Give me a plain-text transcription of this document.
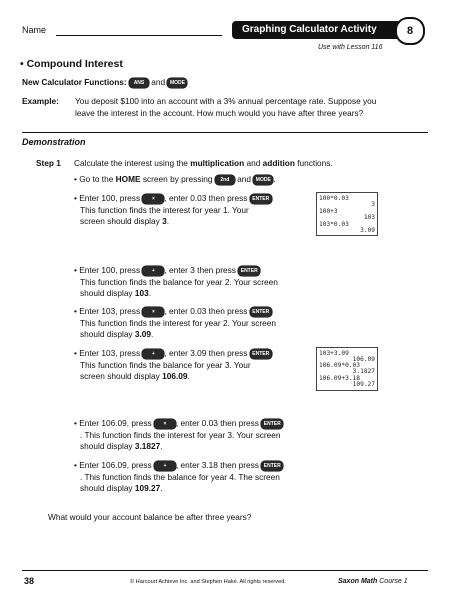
Name	Graphing Calculator Activity	8
Use with Lesson 116
• Compound Interest
New Calculator Functions: ANS and MODE
Example: You deposit $100 into an account with a 3% annual percentage rate. Suppose you
leave the interest in the account. How much would you have after three years?
Demonstration
Step 1 Calculate the interest using the multiplication and addition functions.
• Go to the HOME screen by pressing 2nd and MODE .
• Enter 100, press × , enter 0.03 then press ENTER
This function finds the interest for year 1. Your
screen should display 3.
100*0.03
3
100+3
103
103*0.03
3.09
• Enter 100, press + , enter 3 then press ENTER
This function finds the balance for year 2. Your screen
should display 103.
• Enter 103, press × , enter 0.03 then press ENTER
This function finds the interest for year 2. Your screen
should display 3.09.
• Enter 103, press + , enter 3.09 then press ENTER
This function finds the balance for year 3. Your
screen should display 106.09.
103+3.09
106.09
106.09*0.03
3.1827
106.09+3.18
109.27
• Enter 106.09, press × , enter 0.03 then press ENTER
. This function finds the interest for year 3. Your screen
should display 3.1827.
• Enter 106.09, press + , enter 3.18 then press ENTER
. This function finds the balance for year 4. The screen
should display 109.27.
What would your account balance be after three years?
38	© Harcourt Achieve Inc. and Stephen Hake. All rights reserved.	Saxon Math Course 1
